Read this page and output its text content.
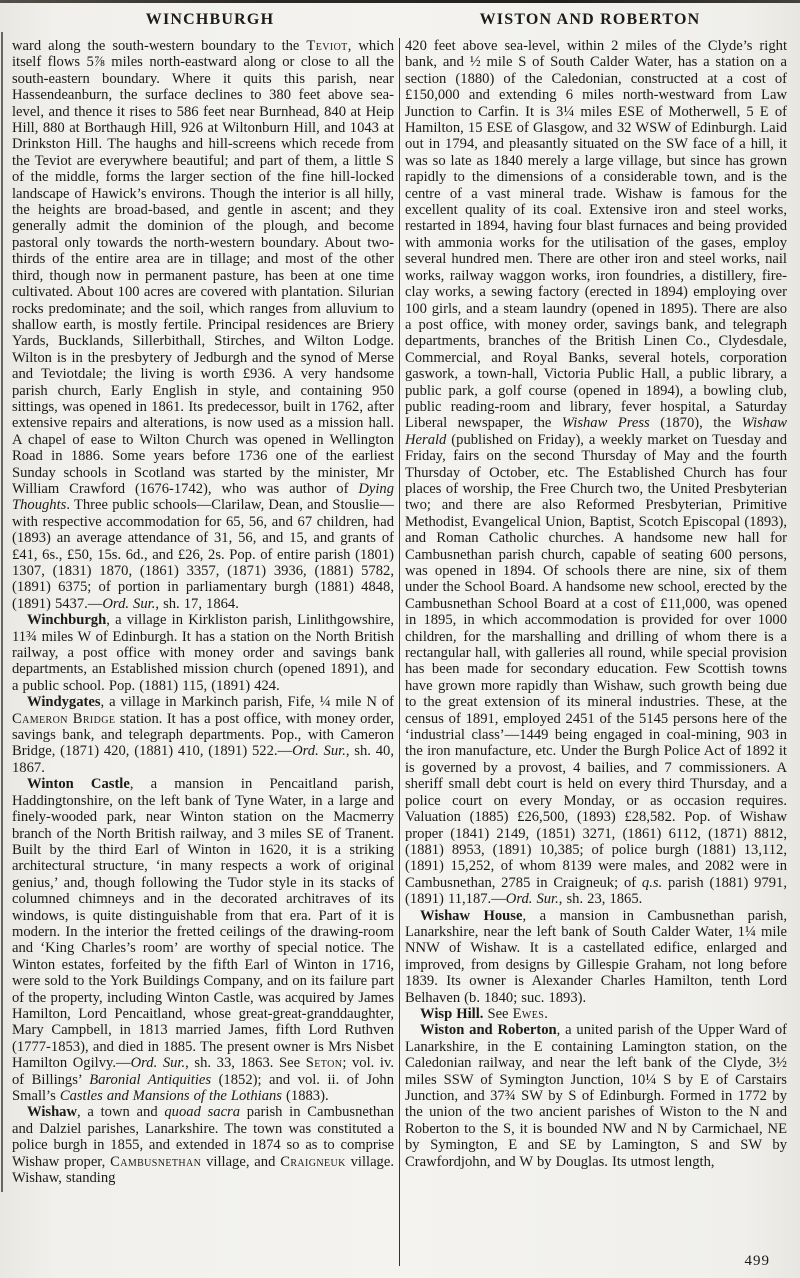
WINCHBURGH	WISTON AND ROBERTON

ward along the south-western boundary to the Teviot, which itself flows 5⅞ miles north-eastward along or close to all the south-eastern boundary. Where it quits this parish, near Hassendeanburn, the surface declines to 380 feet above sea-level, and thence it rises to 586 feet near Burnhead, 840 at Heip Hill, 880 at Borthaugh Hill, 926 at Wiltonburn Hill, and 1043 at Drinkston Hill. The haughs and hill-screens which recede from the Teviot are everywhere beautiful; and part of them, a little S of the middle, forms the larger section of the fine hill-locked landscape of Hawick’s environs. Though the interior is all hilly, the heights are broad-based, and gentle in ascent; and they generally admit the dominion of the plough, and become pastoral only towards the north-western boundary. About two-thirds of the entire area are in tillage; and most of the other third, though now in permanent pasture, has been at one time cultivated. About 100 acres are covered with plantation. Silurian rocks predominate; and the soil, which ranges from alluvium to shallow earth, is mostly fertile. Principal residences are Briery Yards, Bucklands, Sillerbithall, Stirches, and Wilton Lodge. Wilton is in the presbytery of Jedburgh and the synod of Merse and Teviotdale; the living is worth £936. A very handsome parish church, Early English in style, and containing 950 sittings, was opened in 1861. Its predecessor, built in 1762, after extensive repairs and alterations, is now used as a mission hall. A chapel of ease to Wilton Church was opened in Wellington Road in 1886. Some years before 1736 one of the earliest Sunday schools in Scotland was started by the minister, Mr William Crawford (1676-1742), who was author of Dying Thoughts. Three public schools—Clarilaw, Dean, and Stouslie—with respective accommodation for 65, 56, and 67 children, had (1893) an average attendance of 31, 56, and 15, and grants of £41, 6s., £50, 15s. 6d., and £26, 2s. Pop. of entire parish (1801) 1307, (1831) 1870, (1861) 3357, (1871) 3936, (1881) 5782, (1891) 6375; of portion in parliamentary burgh (1881) 4848, (1891) 5437.—Ord. Sur., sh. 17, 1864.

Winchburgh, a village in Kirkliston parish, Linlithgowshire, 11¾ miles W of Edinburgh. It has a station on the North British railway, a post office with money order and savings bank departments, an Established mission church (opened 1891), and a public school. Pop. (1881) 115, (1891) 424.

Windygates, a village in Markinch parish, Fife, ¼ mile N of Cameron Bridge station. It has a post office, with money order, savings bank, and telegraph departments. Pop., with Cameron Bridge, (1871) 420, (1881) 410, (1891) 522.—Ord. Sur., sh. 40, 1867.

Winton Castle, a mansion in Pencaitland parish, Haddingtonshire, on the left bank of Tyne Water, in a large and finely-wooded park, near Winton station on the Macmerry branch of the North British railway, and 3 miles SE of Tranent. Built by the third Earl of Winton in 1620, it is a striking architectural structure, ‘in many respects a work of original genius,’ and, though following the Tudor style in its stacks of columned chimneys and in the decorated architraves of its windows, is quite distinguishable from that era. Part of it is modern. In the interior the fretted ceilings of the drawing-room and ‘King Charles’s room’ are worthy of special notice. The Winton estates, forfeited by the fifth Earl of Winton in 1716, were sold to the York Buildings Company, and on its failure part of the property, including Winton Castle, was acquired by James Hamilton, Lord Pencaitland, whose great-great-granddaughter, Mary Campbell, in 1813 married James, fifth Lord Ruthven (1777-1853), and died in 1885. The present owner is Mrs Nisbet Hamilton Ogilvy.—Ord. Sur., sh. 33, 1863. See Seton; vol. iv. of Billings’ Baronial Antiquities (1852); and vol. ii. of John Small’s Castles and Mansions of the Lothians (1883).

Wishaw, a town and quoad sacra parish in Cambusnethan and Dalziel parishes, Lanarkshire. The town was constituted a police burgh in 1855, and extended in 1874 so as to comprise Wishaw proper, Cambusnethan village, and Craigneuk village. Wishaw, standing

420 feet above sea-level, within 2 miles of the Clyde’s right bank, and ½ mile S of South Calder Water, has a station on a section (1880) of the Caledonian, constructed at a cost of £150,000 and extending 6 miles north-westward from Law Junction to Carfin. It is 3¼ miles ESE of Motherwell, 5 E of Hamilton, 15 ESE of Glasgow, and 32 WSW of Edinburgh. Laid out in 1794, and pleasantly situated on the SW face of a hill, it was so late as 1840 merely a large village, but since has grown rapidly to the dimensions of a considerable town, and is the centre of a vast mineral trade. Wishaw is famous for the excellent quality of its coal. Extensive iron and steel works, restarted in 1894, having four blast furnaces and being provided with ammonia works for the utilisation of the gases, employ several hundred men. There are other iron and steel works, nail works, railway waggon works, iron foundries, a distillery, fire-clay works, a sewing factory (erected in 1894) employing over 100 girls, and a steam laundry (opened in 1895). There are also a post office, with money order, savings bank, and telegraph departments, branches of the British Linen Co., Clydesdale, Commercial, and Royal Banks, several hotels, corporation gaswork, a town-hall, Victoria Public Hall, a public library, a public park, a golf course (opened in 1894), a bowling club, public reading-room and library, fever hospital, a Saturday Liberal newspaper, the Wishaw Press (1870), the Wishaw Herald (published on Friday), a weekly market on Tuesday and Friday, fairs on the second Thursday of May and the fourth Thursday of October, etc. The Established Church has four places of worship, the Free Church two, the United Presbyterian two; and there are also Reformed Presbyterian, Primitive Methodist, Evangelical Union, Baptist, Scotch Episcopal (1893), and Roman Catholic churches. A handsome new hall for Cambusnethan parish church, capable of seating 600 persons, was opened in 1894. Of schools there are nine, six of them under the School Board. A handsome new school, erected by the Cambusnethan School Board at a cost of £11,000, was opened in 1895, in which accommodation is provided for over 1000 children, for the marshalling and drilling of whom there is a rectangular hall, with galleries all round, while special provision has been made for secondary education. Few Scottish towns have grown more rapidly than Wishaw, such growth being due to the great extension of its mineral industries. These, at the census of 1891, employed 2451 of the 5145 persons here of the ‘industrial class’—1449 being engaged in coal-mining, 903 in the iron manufacture, etc. Under the Burgh Police Act of 1892 it is governed by a provost, 4 bailies, and 7 commissioners. A sheriff small debt court is held on every third Thursday, and a police court on every Monday, or as occasion requires. Valuation (1885) £26,500, (1893) £28,582. Pop. of Wishaw proper (1841) 2149, (1851) 3271, (1861) 6112, (1871) 8812, (1881) 8953, (1891) 10,385; of police burgh (1881) 13,112, (1891) 15,252, of whom 8139 were males, and 2082 were in Cambusnethan, 2785 in Craigneuk; of q.s. parish (1881) 9791, (1891) 11,187.—Ord. Sur., sh. 23, 1865.

Wishaw House, a mansion in Cambusnethan parish, Lanarkshire, near the left bank of South Calder Water, 1¼ mile NNW of Wishaw. It is a castellated edifice, enlarged and improved, from designs by Gillespie Graham, not long before 1839. Its owner is Alexander Charles Hamilton, tenth Lord Belhaven (b. 1840; suc. 1893).

Wisp Hill. See Ewes.

Wiston and Roberton, a united parish of the Upper Ward of Lanarkshire, in the E containing Lamington station, on the Caledonian railway, and near the left bank of the Clyde, 3½ miles SSW of Symington Junction, 10¼ S by E of Carstairs Junction, and 37¾ SW by S of Edinburgh. Formed in 1772 by the union of the two ancient parishes of Wiston to the N and Roberton to the S, it is bounded NW and N by Carmichael, NE by Symington, E and SE by Lamington, S and SW by Crawfordjohn, and W by Douglas. Its utmost length,

499
